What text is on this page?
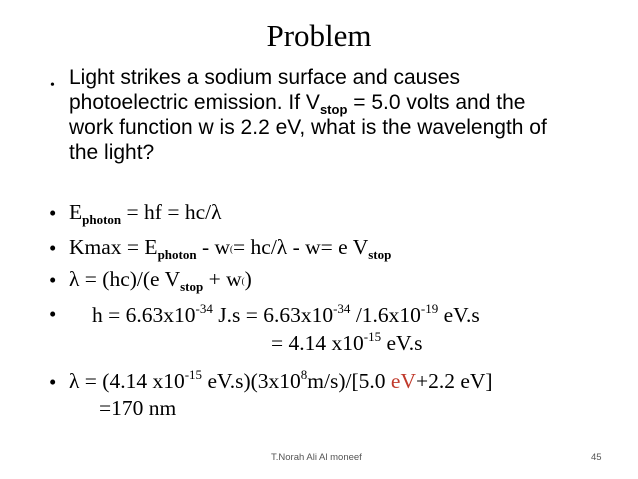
Problem
• Light strikes a sodium surface and causes
photoelectric emission. If $V_{stop} = 5.0$ volts and the
work function w is 2.2 eV, what is the wavelength of
the light?
• $E_{photon}$ = hf = hc/λ
• $Kmax = E_{photon} - w(= hc/\lambda - w= e$ $V_{stop}$
• λ = (hc)/(e $V_{stop} + w()$
• $h = 6.63x10^{-34}$ $J.s = 6.63x10^{-34}$ $/1.6x10^{-19}$ eV.s
= 4.14 $x10^{-15}$ eV.s
• λ = (4.14 $x10^{-15}$ $eV.s)(3x10^8m/s)/[5.0$ eV+2.2 eV]
=170 nm
T.Norah Ali Al moneef	45
